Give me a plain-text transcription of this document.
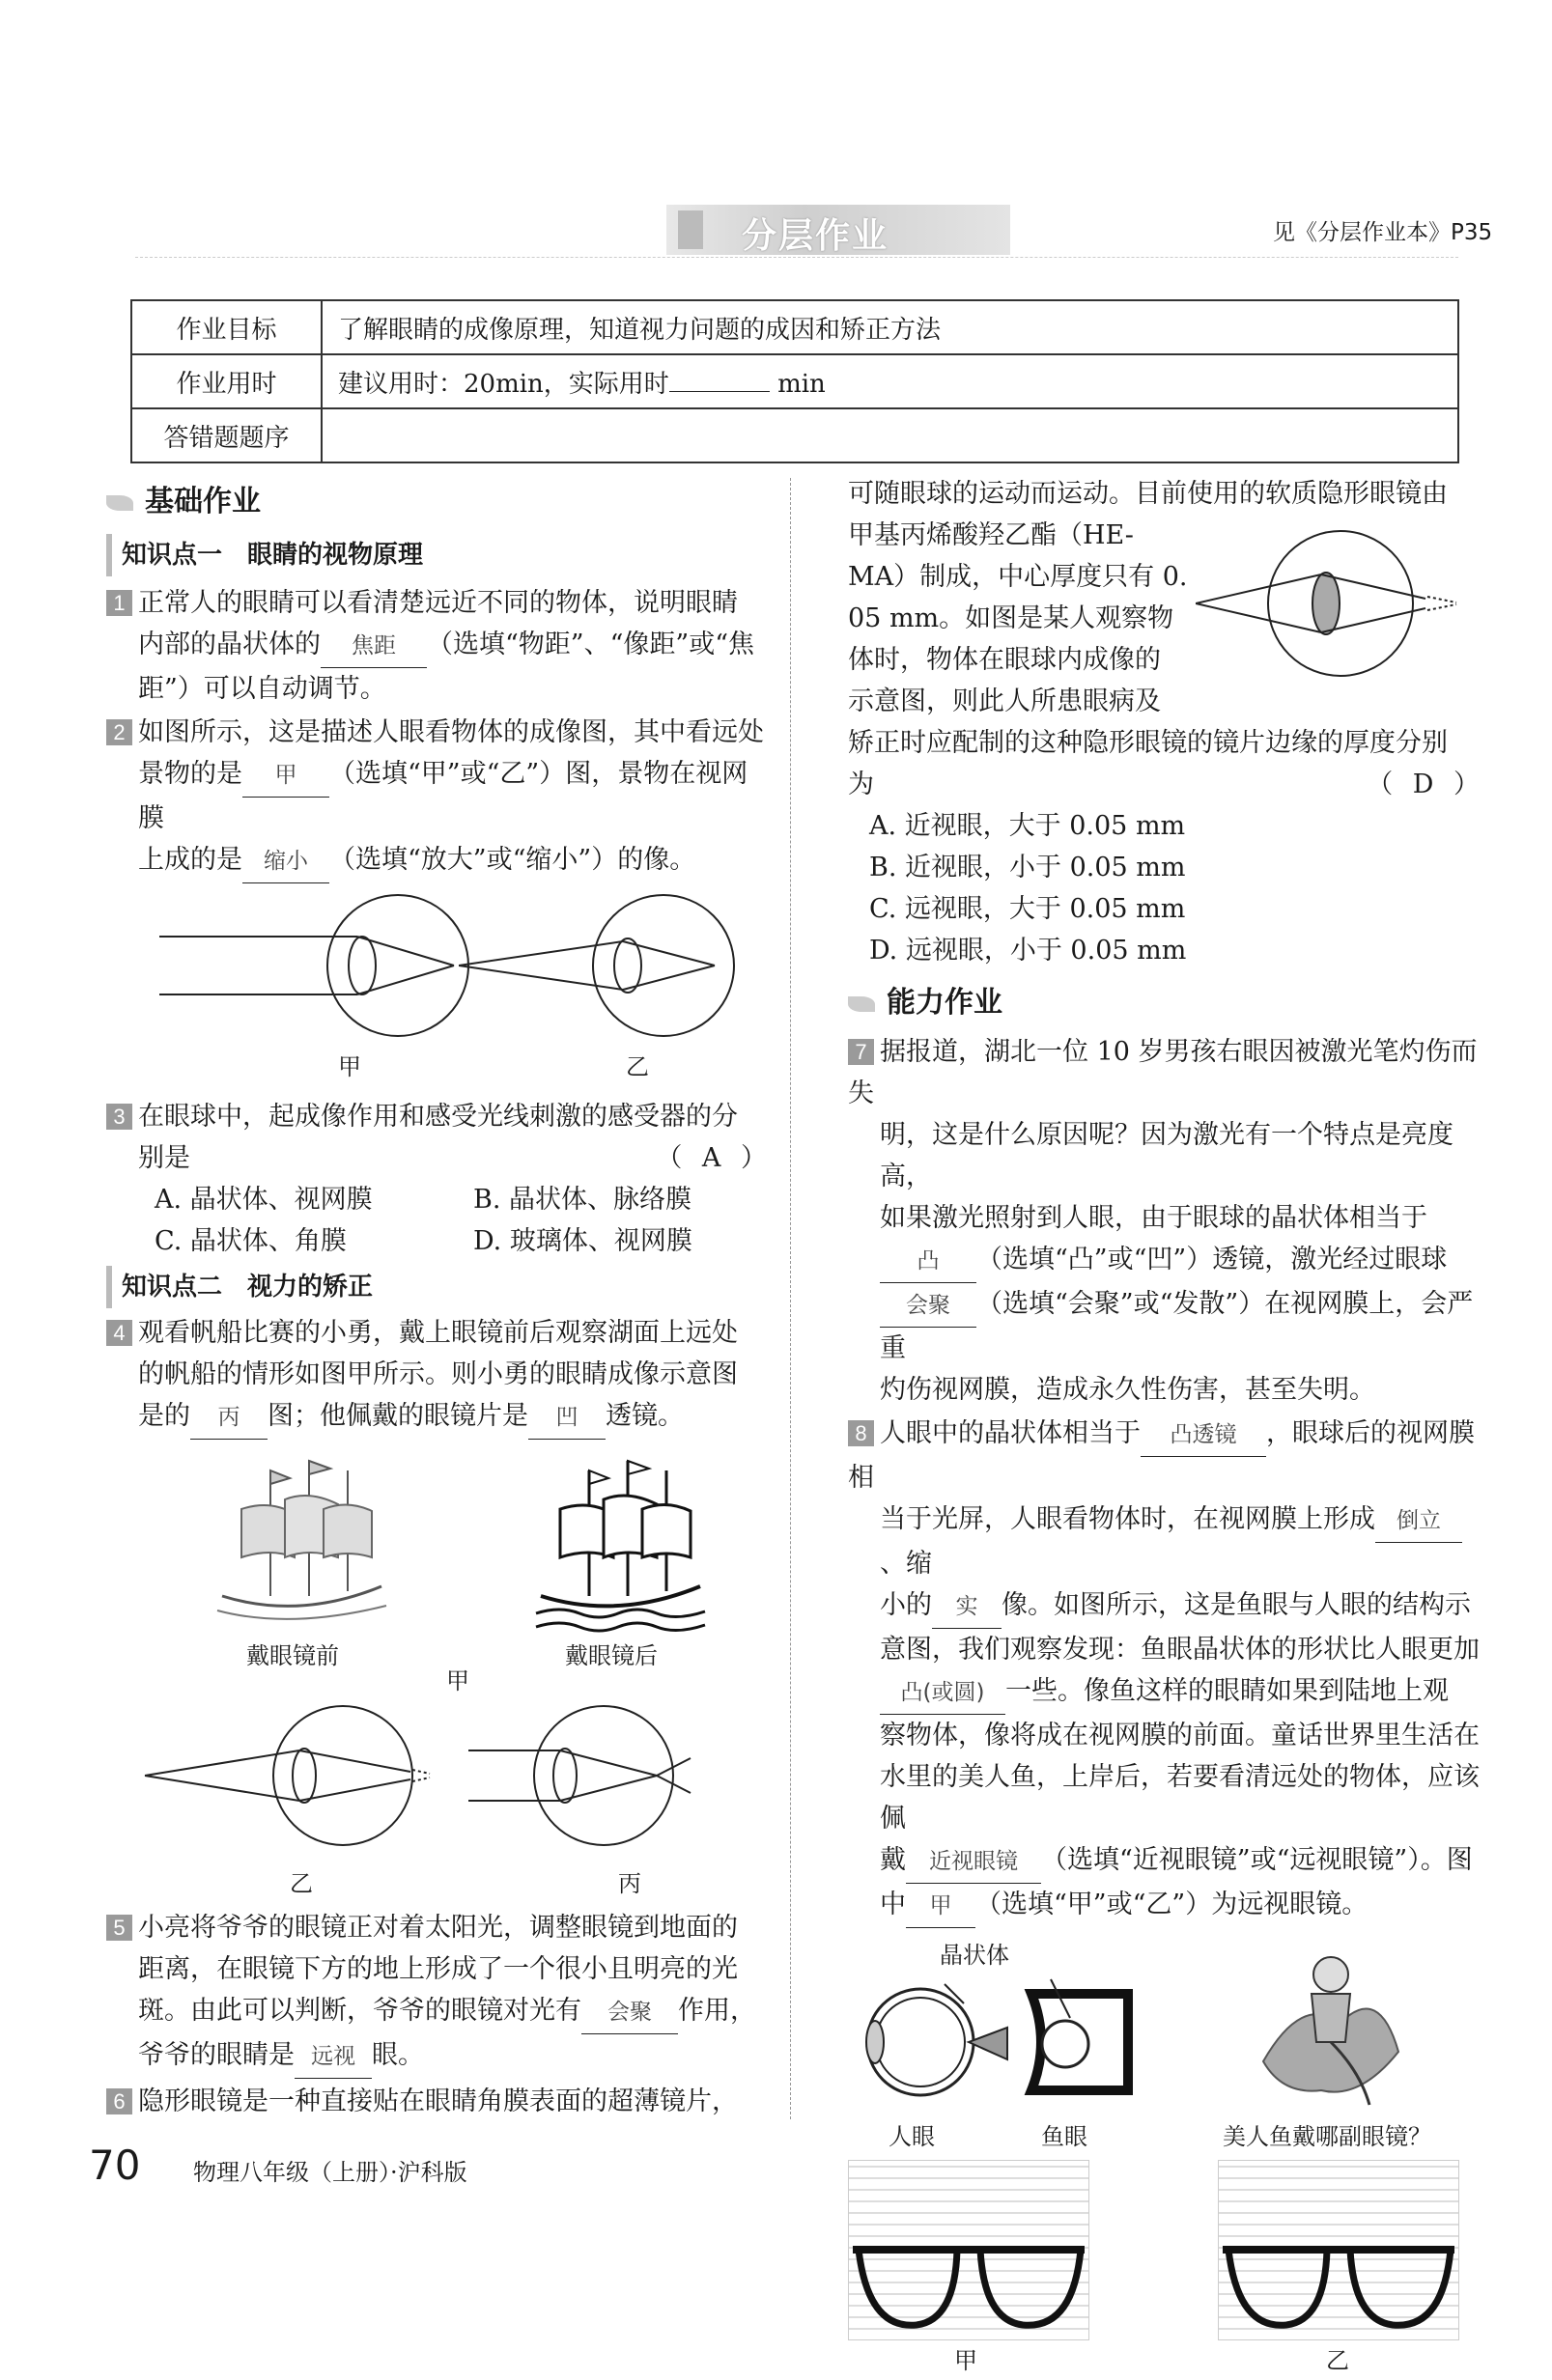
分层作业	见《分层作业本》P35
作业目标	了解眼睛的成像原理，知道视力问题的成因和矫正方法
作业用时	建议用时：20min，实际用时 min
答错题题序	
基础作业
知识点一　眼睛的视物原理
1 正常人的眼睛可以看清楚远近不同的物体，说明眼睛
内部的晶状体的 焦距 （选填“物距”、“像距”或“焦
距”）可以自动调节。
2 如图所示，这是描述人眼看物体的成像图，其中看远处
景物的是 甲 （选填“甲”或“乙”）图，景物在视网膜
上成的是 缩小 （选填“放大”或“缩小”）的像。
甲	乙
3 在眼球中，起成像作用和感受光线刺激的感受器的分
别是	（ A ）
A. 晶状体、视网膜	B. 晶状体、脉络膜
C. 晶状体、角膜	D. 玻璃体、视网膜
知识点二　视力的矫正
4 观看帆船比赛的小勇，戴上眼镜前后观察湖面上远处
的帆船的情形如图甲所示。则小勇的眼睛成像示意图
是的 丙 图；他佩戴的眼镜片是 凹 透镜。
戴眼镜前	戴眼镜后
甲
乙	丙
5 小亮将爷爷的眼镜正对着太阳光，调整眼镜到地面的
距离，在眼镜下方的地上形成了一个很小且明亮的光
斑。由此可以判断，爷爷的眼镜对光有 会聚 作用，
爷爷的眼睛是 远视 眼。
6 隐形眼镜是一种直接贴在眼睛角膜表面的超薄镜片，
可随眼球的运动而运动。目前使用的软质隐形眼镜由
甲基丙烯酸羟乙酯（HE-
MA）制成，中心厚度只有 0.
05 mm。如图是某人观察物
体时，物体在眼球内成像的
示意图，则此人所患眼病及
矫正时应配制的这种隐形眼镜的镜片边缘的厚度分别
为	（ D ）
A. 近视眼，大于 0.05 mm
B. 近视眼，小于 0.05 mm
C. 远视眼，大于 0.05 mm
D. 远视眼，小于 0.05 mm
能力作业
7 据报道，湖北一位 10 岁男孩右眼因被激光笔灼伤而失
明，这是什么原因呢？因为激光有一个特点是亮度高，
如果激光照射到人眼，由于眼球的晶状体相当于
凸 （选填“凸”或“凹”）透镜，激光经过眼球
会聚 （选填“会聚”或“发散”）在视网膜上，会严重
灼伤视网膜，造成永久性伤害，甚至失明。
8 人眼中的晶状体相当于 凸透镜 ，眼球后的视网膜相
当于光屏，人眼看物体时，在视网膜上形成 倒立、缩
小的 实 像。如图所示，这是鱼眼与人眼的结构示
意图，我们观察发现：鱼眼晶状体的形状比人眼更加
凸(或圆) 一些。像鱼这样的眼睛如果到陆地上观
察物体，像将成在视网膜的前面。童话世界里生活在
水里的美人鱼，上岸后，若要看清远处的物体，应该佩
戴 近视眼镜 （选填“近视眼镜”或“远视眼镜”）。图
中 甲 （选填“甲”或“乙”）为远视眼镜。
晶状体
人眼	鱼眼	美人鱼戴哪副眼镜？
甲	乙
70 物理八年级（上册）·沪科版
